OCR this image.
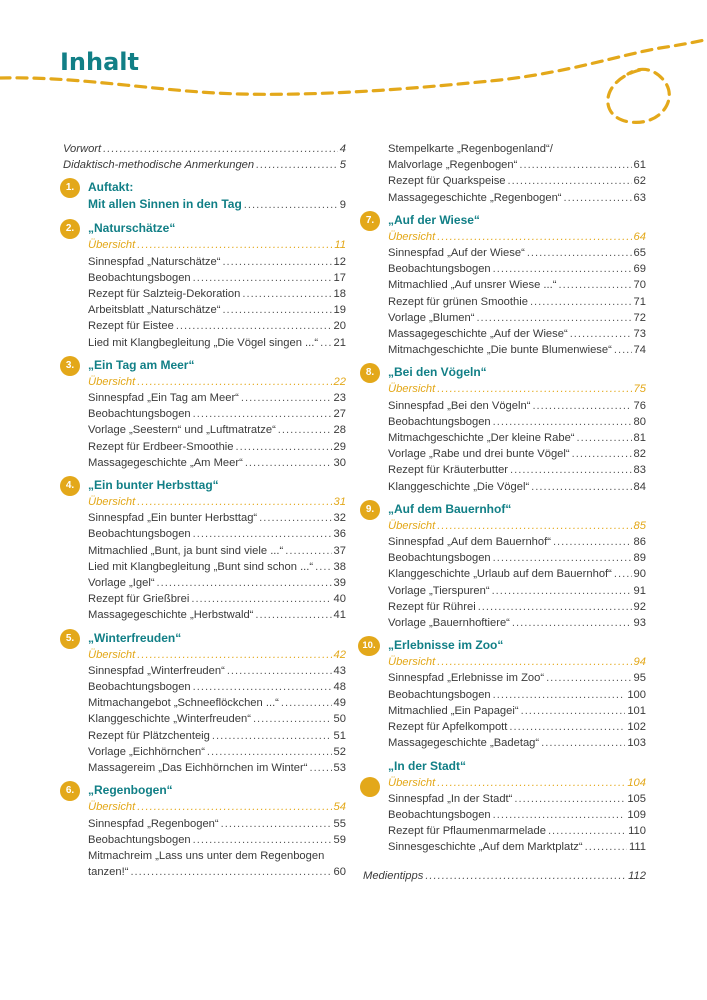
Inhalt
Vorwort .....	4
Didaktisch-methodische Anmerkungen .....	5
1.	Auftakt:
Mit allen Sinnen in den Tag .....	9
2.	„Naturschätze“
Übersicht .....	11
Sinnespfad „Naturschätze“ .....	12
Beobachtungsbogen .....	17
Rezept für Salzteig-Dekoration .....	18
Arbeitsblatt „Naturschätze“ .....	19
Rezept für Eistee .....	20
Lied mit Klangbegleitung „Die Vögel singen ...“ ..... 21
3.	„Ein Tag am Meer“
Übersicht .....	22
Sinnespfad „Ein Tag am Meer“ .....	23
Beobachtungsbogen .....	27
Vorlage „Seestern“ und „Luftmatratze“ .....	28
Rezept für Erdbeer-Smoothie .....	29
Massagegeschichte „Am Meer“ .....	30
4.	„Ein bunter Herbsttag“
Übersicht .....	31
Sinnespfad „Ein bunter Herbsttag“ .....	32
Beobachtungsbogen .....	36
Mitmachlied „Bunt, ja bunt sind viele ...“ .....	37
Lied mit Klangbegleitung „Bunt sind schon ...“ ..... 38
Vorlage „Igel“ .....	39
Rezept für Grießbrei .....	40
Massagegeschichte „Herbstwald“ .....	41
5.	„Winterfreuden“
Übersicht .....	42
Sinnespfad „Winterfreuden“ .....	43
Beobachtungsbogen .....	48
Mitmachangebot „Schneeflöckchen ...“ .....	49
Klanggeschichte „Winterfreuden“ .....	50
Rezept für Plätzchenteig .....	51
Vorlage „Eichhörnchen“ .....	52
Massagereim „Das Eichhörnchen im Winter“ ..... 53
6.	„Regenbogen“
Übersicht .....	54
Sinnespfad „Regenbogen“ .....	55
Beobachtungsbogen .....	59
Mitmachreim „Lass uns unter dem Regenbogen
tanzen!“ .....	60
Stempelkarte „Regenbogenland“/
Malvorlage „Regenbogen“ .....	61
Rezept für Quarkspeise .....	62
Massagegeschichte „Regenbogen“ .....	63
7.	„Auf der Wiese“
Übersicht .....	64
Sinnespfad „Auf der Wiese“ .....	65
Beobachtungsbogen .....	69
Mitmachlied „Auf unsrer Wiese ...“ .....	70
Rezept für grünen Smoothie .....	71
Vorlage „Blumen“ .....	72
Massagegeschichte „Auf der Wiese“ .....	73
Mitmachgeschichte „Die bunte Blumenwiese“ ..... 74
8.	„Bei den Vögeln“
Übersicht .....	75
Sinnespfad „Bei den Vögeln“ .....	76
Beobachtungsbogen .....	80
Mitmachgeschichte „Der kleine Rabe“ .....	81
Vorlage „Rabe und drei bunte Vögel“ .....	82
Rezept für Kräuterbutter .....	83
Klanggeschichte „Die Vögel“ .....	84
9.	„Auf dem Bauernhof“
Übersicht .....	85
Sinnespfad „Auf dem Bauernhof“ .....	86
Beobachtungsbogen .....	89
Klanggeschichte „Urlaub auf dem Bauernhof“ ..... 90
Vorlage „Tierspuren“ .....	91
Rezept für Rührei .....	92
Vorlage „Bauernhoftiere“ .....	93
10.	„Erlebnisse im Zoo“
Übersicht .....	94
Sinnespfad „Erlebnisse im Zoo“ .....	95
Beobachtungsbogen .....	100
Mitmachlied „Ein Papagei“ .....	101
Rezept für Apfelkompott .....	102
Massagegeschichte „Badetag“ .....	103
„In der Stadt“
Übersicht .....	104
Sinnespfad „In der Stadt“ .....	105
Beobachtungsbogen .....	109
Rezept für Pflaumenmarmelade .....	110
Sinnesgeschichte „Auf dem Marktplatz“ .....	111
Medientipps .....	112
